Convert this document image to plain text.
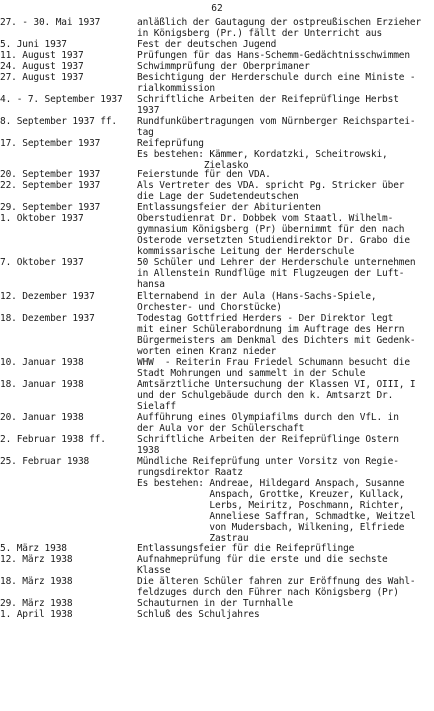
62
27. - 30. Mai 1937	anläßlich der Gautagung der ostpreußischen Erzieher
in Königsberg (Pr.) fällt der Unterricht aus
5. Juni 1937	Fest der deutschen Jugend
11. August 1937	Prüfungen für das Hans-Schemm-Gedächtnisschwimmen
24. August 1937	Schwimmprüfung der Oberprimaner
27. August 1937	Besichtigung der Herderschule durch eine Ministe -
rialkommission
4. - 7. September 1937 Schriftliche Arbeiten der Reifeprüflinge Herbst
1937
8. September 1937 ff. Rundfunkübertragungen vom Nürnberger Reichspartei-
tag
17. September 1937	Reifeprüfung
Es bestehen: Kämmer, Kordatzki, Scheitrowski,
Zielasko
20. September 1937	Feierstunde für den VDA.
22. September 1937	Als Vertreter des VDA. spricht Pg. Stricker über
die Lage der Sudetendeutschen
29. September 1937	Entlassungsfeier der Abiturienten
1. Oktober 1937	Oberstudienrat Dr. Dobbek vom Staatl. Wilhelm-
gymnasium Königsberg (Pr) übernimmt für den nach
Osterode versetzten Studiendirektor Dr. Grabo die
kommissarische Leitung der Herderschule
7. Oktober 1937	50 Schüler und Lehrer der Herderschule unternehmen
in Allenstein Rundflüge mit Flugzeugen der Luft-
hansa
12. Dezember 1937	Elternabend in der Aula (Hans-Sachs-Spiele,
Orchester- und Chorstücke)
18. Dezember 1937	Todestag Gottfried Herders - Der Direktor legt
mit einer Schülerabordnung im Auftrage des Herrn
Bürgermeisters am Denkmal des Dichters mit Gedenk-
worten einen Kranz nieder
10. Januar 1938	WHW  - Reiterin Frau Friedel Schumann besucht die
Stadt Mohrungen und sammelt in der Schule
18. Januar 1938	Amtsärztliche Untersuchung der Klassen VI, OIII, I
und der Schulgebäude durch den k. Amtsarzt Dr.
Sielaff
20. Januar 1938	Aufführung eines Olympiafilms durch den VfL. in
der Aula vor der Schülerschaft
2. Februar 1938 ff.	Schriftliche Arbeiten der Reifeprüflinge Ostern
1938
25. Februar 1938	Mündliche Reifeprüfung unter Vorsitz von Regie-
rungsdirektor Raatz
Es bestehen: Andreae, Hildegard Anspach, Susanne
Anspach, Grottke, Kreuzer, Kullack,
Lerbs, Meiritz, Poschmann, Richter,
Anneliese Saffran, Schmadtke, Weitzel
von Mudersbach, Wilkening, Elfriede
Zastrau
5. März 1938	Entlassungsfeier für die Reifeprüflinge
12. März 1938	Aufnahmeprüfung für die erste und die sechste
Klasse
18. März 1938	Die älteren Schüler fahren zur Eröffnung des Wahl-
feldzuges durch den Führer nach Königsberg (Pr)
29. März 1938	Schauturnen in der Turnhalle
1. April 1938	Schluß des Schuljahres
